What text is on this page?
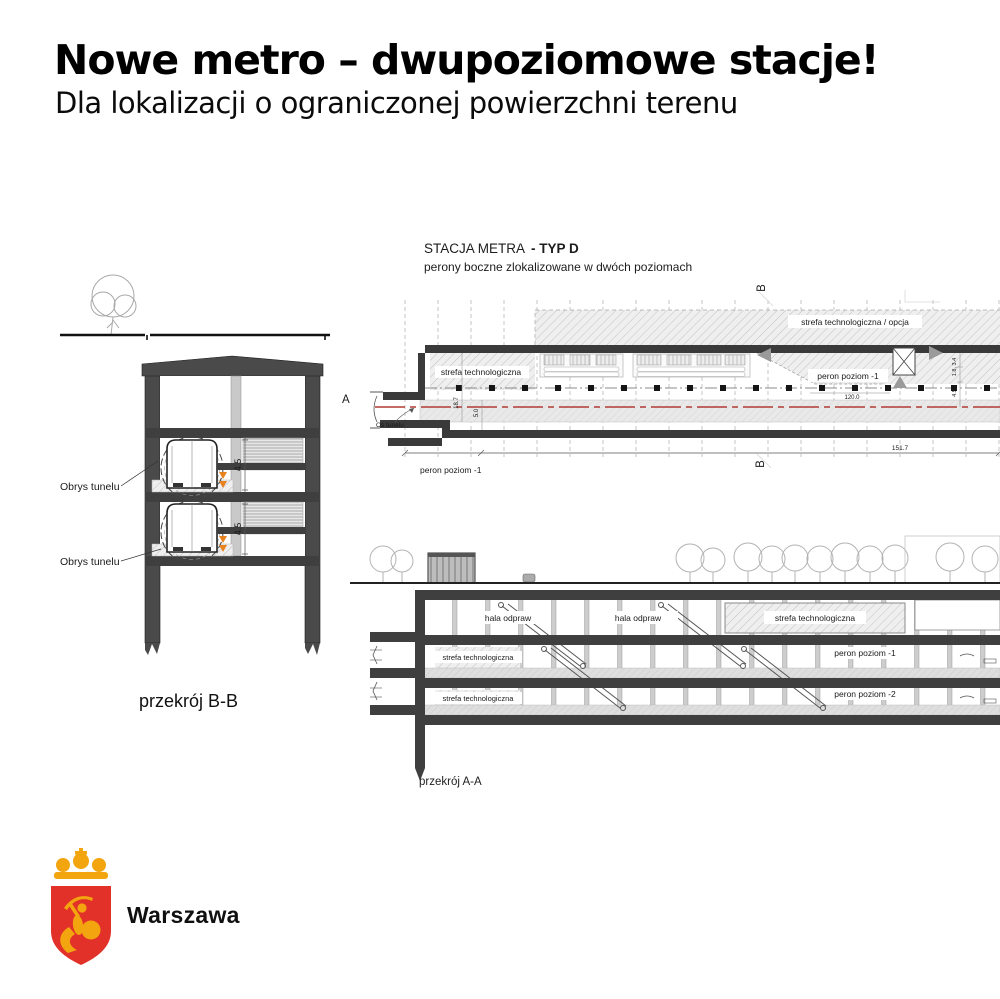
Nowe metro – dwupoziomowe stacje!
Dla lokalizacji o ograniczonej powierzchni terenu
STACJA METRA - TYP D
perony boczne zlokalizowane w dwóch poziomach
4.5
4.5
Obrys tunelu
Obrys tunelu
przekrój B-B
strefa technologiczna / opcja
strefa technologiczna	peron poziom -1
peron poziom -1
Oś tunelu
A
B
B
18.7
5.0
120.0
1.8, 3.4
4.5
151.7
hala odpraw	hala odpraw	strefa technologiczna
strefa technologiczna
strefa technologiczna
peron poziom -1
peron poziom -2
przekrój A-A
Warszawa
